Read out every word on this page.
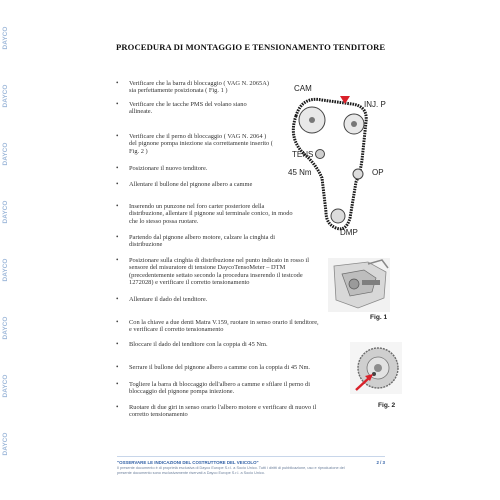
DAYCO
DAYCO
DAYCO
DAYCO
DAYCO
DAYCO
DAYCO
DAYCO
PROCEDURA DI MONTAGGIO E TENSIONAMENTO TENDITORE
• Verificare che la barra di bloccaggio ( VAG N. 2065A) sia perfettamente posizionata ( Fig. 1 )
• Verificare che le tacche PMS del volano siano allineate.
• Verificare che il perno di bloccaggio ( VAG N. 2064 ) del pignone pompa iniezione sia correttamente inserito ( Fig. 2 )
• Posizionare il nuovo tenditore.
• Allentare il bullone del pignone albero a camme
• Inserendo un punzone nel foro carter posteriore della distribuzione, allentare il pignone sul terminale conico, in modo che lo stesso possa ruotare.
• Partendo dal pignone albero motore, calzare la cinghia di distribuzione
• Posizionare sulla cinghia di distribuzione nel punto indicato in rosso il sensore del misuratore di tensione DaycoTensoMeter – DTM (precedentemente settato secondo la procedura inserendo il testcode 1272028) e verificare il corretto tensionamento
• Allentare il dado del tenditore.
• Con la chiave a due denti Matra V.159, ruotare in senso orario il tenditore, e verificare il corretto tensionamento
• Bloccare il dado del tenditore con la coppia di 45 Nm.
• Serrare il bullone del pignone albero a camme con la coppia di 45 Nm.
• Togliere la barra di bloccaggio dell'albero a camme e sfilare il perno di bloccaggio del pignone pompa iniezione.
• Ruotare di due giri in senso orario l'albero motore e verificare di nuovo il corretto tensionamento
CAM
INJ. P
TENS
45 Nm	OP
DMP
Fig. 1
Fig. 2
"OSSERVARE LE INDICAZIONI DEL COSTRUTTORE DEL VEICOLO"
Il presente documento è di proprietà esclusiva di Dayco Europe S.r.l. a Socio Unico. Tutti i diritti di pubblicazione, uso e riproduzione del presente documento sono esclusivamente riservati a Dayco Europe S.r.l. a Socio Unico.
2 / 3
